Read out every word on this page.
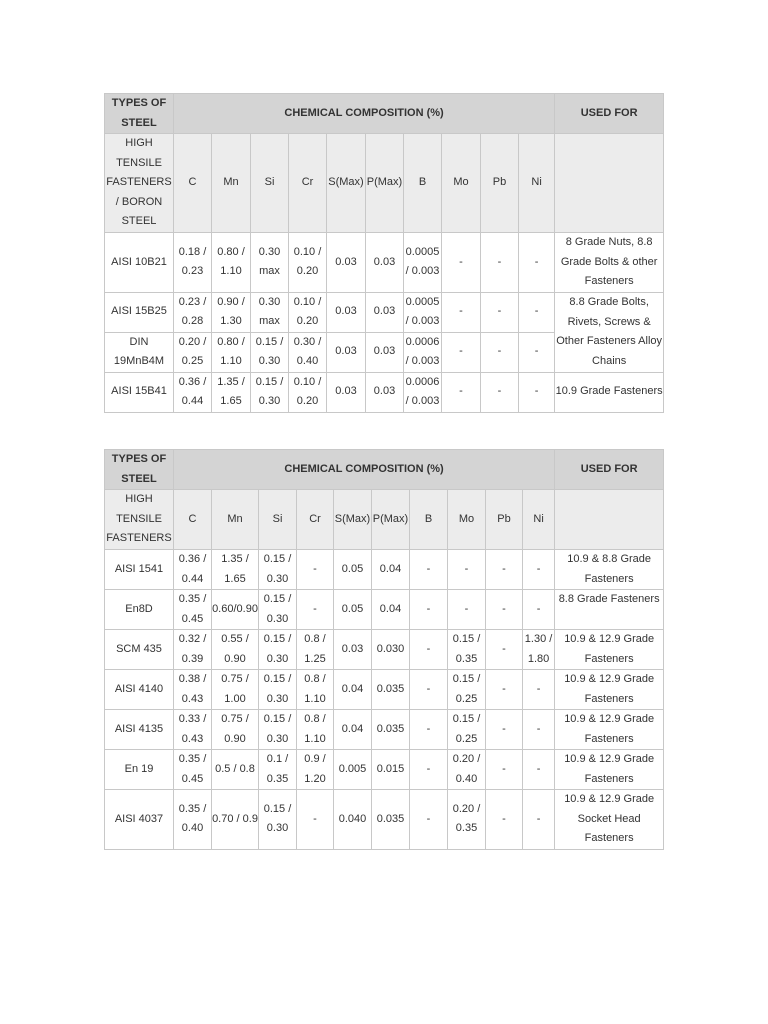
TYPES OF STEEL	CHEMICAL COMPOSITION (%)										USED FOR
HIGH TENSILE FASTENERS / BORON STEEL	C	Mn	Si	Cr	S(Max)	P(Max)	B	Mo	Pb	Ni	
AISI 10B21	0.18 / 0.23	0.80 / 1.10	0.30 max	0.10 / 0.20	0.03	0.03	0.0005 / 0.003	-	-	-	8 Grade Nuts, 8.8 Grade Bolts & other Fasteners
AISI 15B25	0.23 / 0.28	0.90 / 1.30	0.30 max	0.10 / 0.20	0.03	0.03	0.0005 / 0.003	-	-	-	8.8 Grade Bolts, Rivets, Screws & Other Fasteners Alloy Chains
DIN 19MnB4M	0.20 / 0.25	0.80 / 1.10	0.15 / 0.30	0.30 / 0.40	0.03	0.03	0.0006 / 0.003	-	-	-	
AISI 15B41	0.36 / 0.44	1.35 / 1.65	0.15 / 0.30	0.10 / 0.20	0.03	0.03	0.0006 / 0.003	-	-	-	10.9 Grade Fasteners
TYPES OF STEEL	CHEMICAL COMPOSITION (%)										USED FOR
HIGH TENSILE FASTENERS	C	Mn	Si	Cr	S(Max)	P(Max)	B	Mo	Pb	Ni	
AISI 1541	0.36 / 0.44	1.35 / 1.65	0.15 / 0.30	-	0.05	0.04	-	-	-	-	10.9 & 8.8 Grade Fasteners
En8D	0.35 / 0.45	0.60/0.90	0.15 / 0.30	-	0.05	0.04	-	-	-	-	8.8 Grade Fasteners
SCM 435	0.32 / 0.39	0.55 / 0.90	0.15 / 0.30	0.8 / 1.25	0.03	0.030	-	0.15 / 0.35	-	1.30 / 1.80	10.9 & 12.9 Grade Fasteners
AISI 4140	0.38 / 0.43	0.75 / 1.00	0.15 / 0.30	0.8 / 1.10	0.04	0.035	-	0.15 / 0.25	-	-	10.9 & 12.9 Grade Fasteners
AISI 4135	0.33 / 0.43	0.75 / 0.90	0.15 / 0.30	0.8 / 1.10	0.04	0.035	-	0.15 / 0.25	-	-	10.9 & 12.9 Grade Fasteners
En 19	0.35 / 0.45	0.5 / 0.8	0.1 / 0.35	0.9 / 1.20	0.005	0.015	-	0.20 / 0.40	-	-	10.9 & 12.9 Grade Fasteners
AISI 4037	0.35 / 0.40	0.70 / 0.9	0.15 / 0.30	-	0.040	0.035	-	0.20 / 0.35	-	-	10.9 & 12.9 Grade Socket Head Fasteners
